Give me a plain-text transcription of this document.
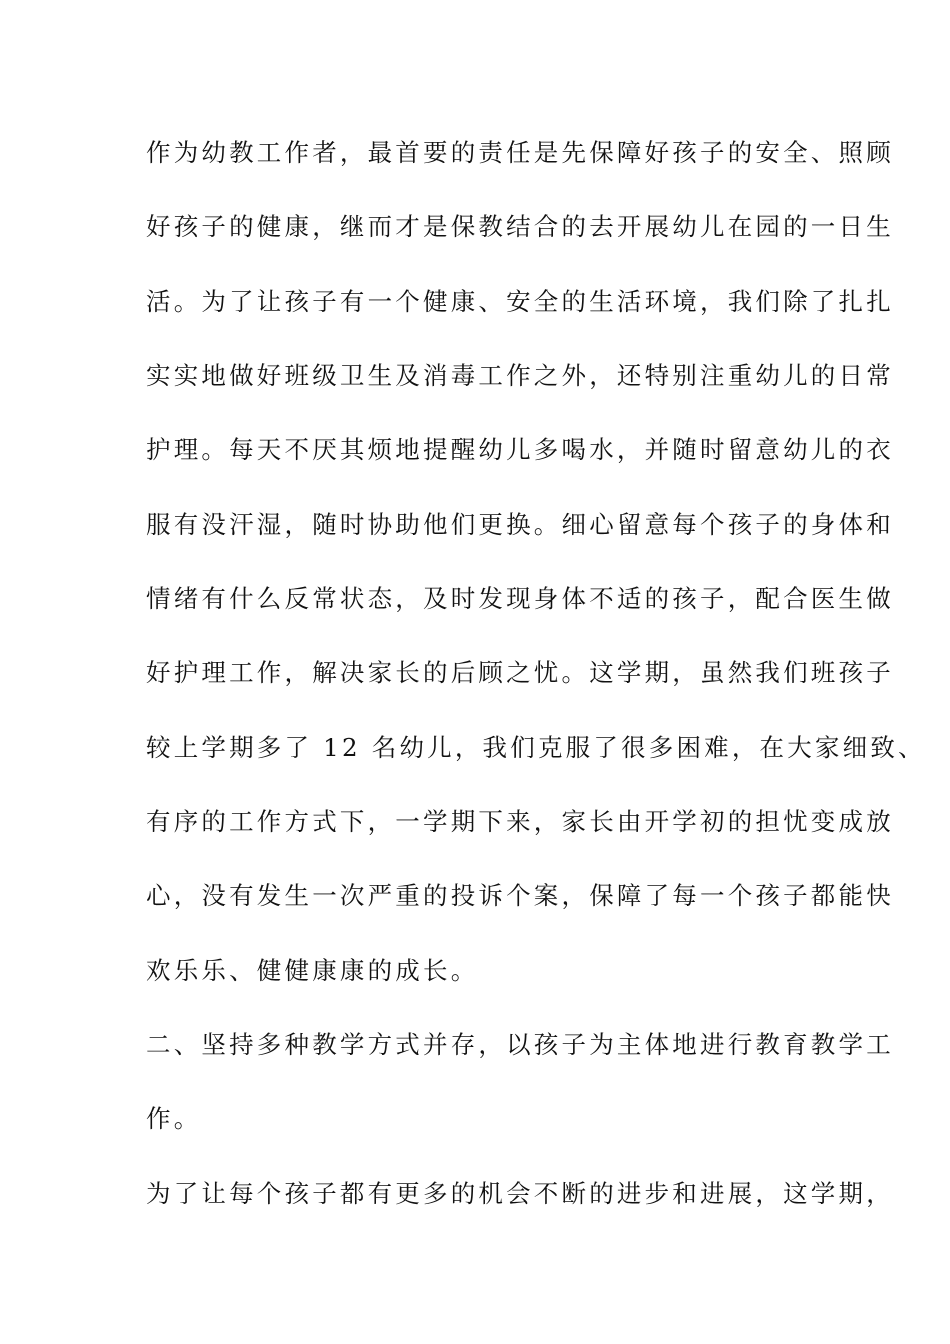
作为幼教工作者，最首要的责任是先保障好孩子的安全、照顾
好孩子的健康，继而才是保教结合的去开展幼儿在园的一日生
活。为了让孩子有一个健康、安全的生活环境，我们除了扎扎
实实地做好班级卫生及消毒工作之外，还特别注重幼儿的日常
护理。每天不厌其烦地提醒幼儿多喝水，并随时留意幼儿的衣
服有没汗湿，随时协助他们更换。细心留意每个孩子的身体和
情绪有什么反常状态，及时发现身体不适的孩子，配合医生做
好护理工作，解决家长的后顾之忧。这学期，虽然我们班孩子
较上学期多了 12 名幼儿，我们克服了很多困难，在大家细致、
有序的工作方式下，一学期下来，家长由开学初的担忧变成放
心，没有发生一次严重的投诉个案，保障了每一个孩子都能快
欢乐乐、健健康康的成长。
二、坚持多种教学方式并存，以孩子为主体地进行教育教学工
作。
为了让每个孩子都有更多的机会不断的进步和进展，这学期，
